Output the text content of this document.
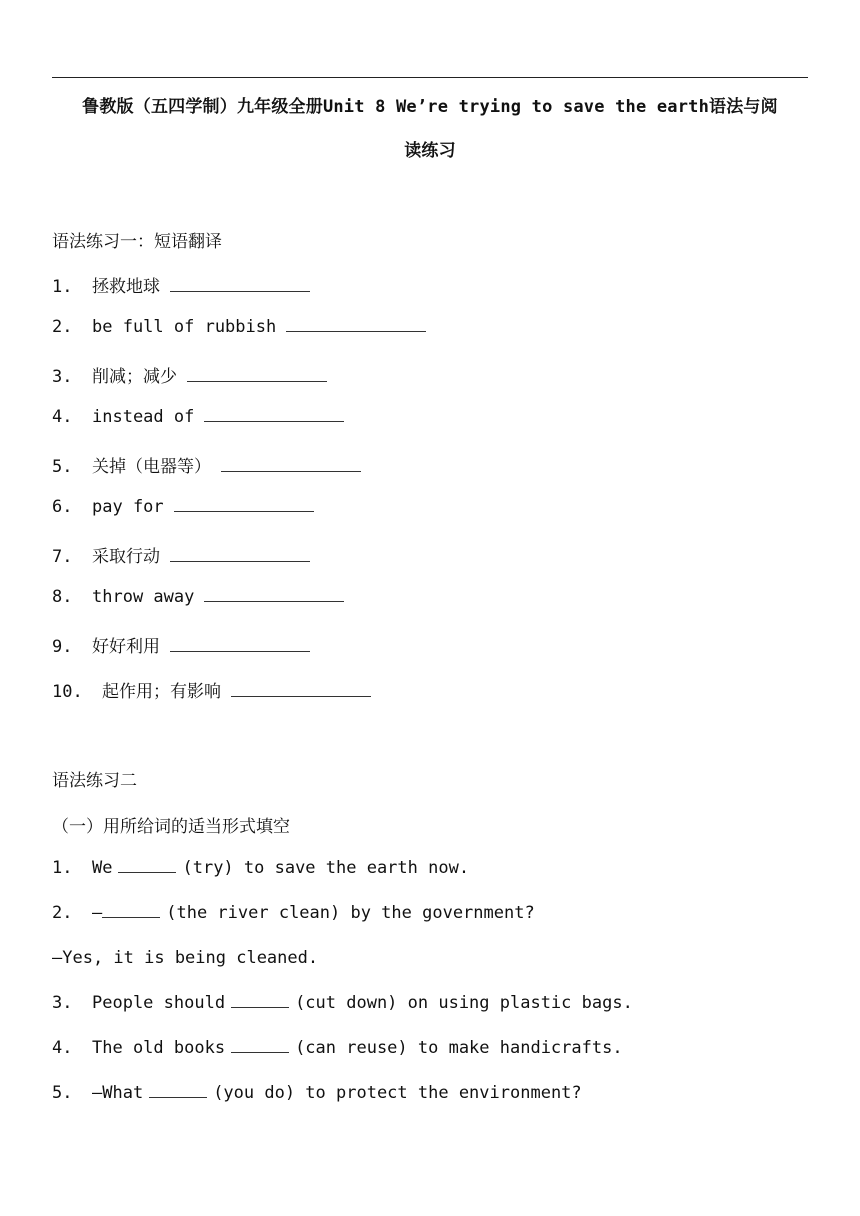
鲁教版（五四学制）九年级全册Unit 8 We’re trying to save the earth语法与阅
读练习
语法练习一：短语翻译
1. 拯救地球
2. be full of rubbish
3. 削减；减少
4. instead of
5. 关掉（电器等）
6. pay for
7. 采取行动
8. throw away
9. 好好利用
10. 起作用；有影响
语法练习二
（一）用所给词的适当形式填空
1. We	(try) to save the earth now.
2. —	(the river clean) by the government?
—Yes, it is being cleaned.
3. People should	(cut down) on using plastic bags.
4. The old books	(can reuse) to make handicrafts.
5. —What	(you do) to protect the environment?
